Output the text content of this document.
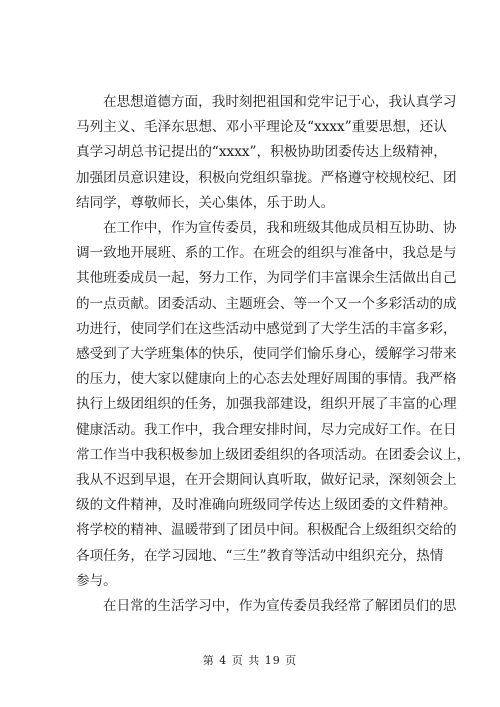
在思想道德方面，我时刻把祖国和党牢记于心，我认真学习
马列主义、毛泽东思想、邓小平理论及“xxxx”重要思想，还认
真学习胡总书记提出的“xxxx”，积极协助团委传达上级精神，
加强团员意识建设，积极向党组织靠拢。严格遵守校规校纪、团
结同学，尊敬师长，关心集体，乐于助人。
在工作中，作为宣传委员，我和班级其他成员相互协助、协
调一致地开展班、系的工作。在班会的组织与准备中，我总是与
其他班委成员一起，努力工作，为同学们丰富课余生活做出自己
的一点贡献。团委活动、主题班会、等一个又一个多彩活动的成
功进行，使同学们在这些活动中感觉到了大学生活的丰富多彩，
感受到了大学班集体的快乐，使同学们愉乐身心，缓解学习带来
的压力，使大家以健康向上的心态去处理好周围的事情。我严格
执行上级团组织的任务，加强我部建设，组织开展了丰富的心理
健康活动。我工作中，我合理安排时间，尽力完成好工作。在日
常工作当中我积极参加上级团委组织的各项活动。在团委会议上，
我从不迟到早退，在开会期间认真听取，做好记录，深刻领会上
级的文件精神，及时准确向班级同学传达上级团委的文件精神。
将学校的精神、温暖带到了团员中间。积极配合上级组织交给的
各项任务，在学习园地、“三生”教育等活动中组织充分，热情
参与。
在日常的生活学习中，作为宣传委员我经常了解团员们的思
第 4 页 共 19 页
